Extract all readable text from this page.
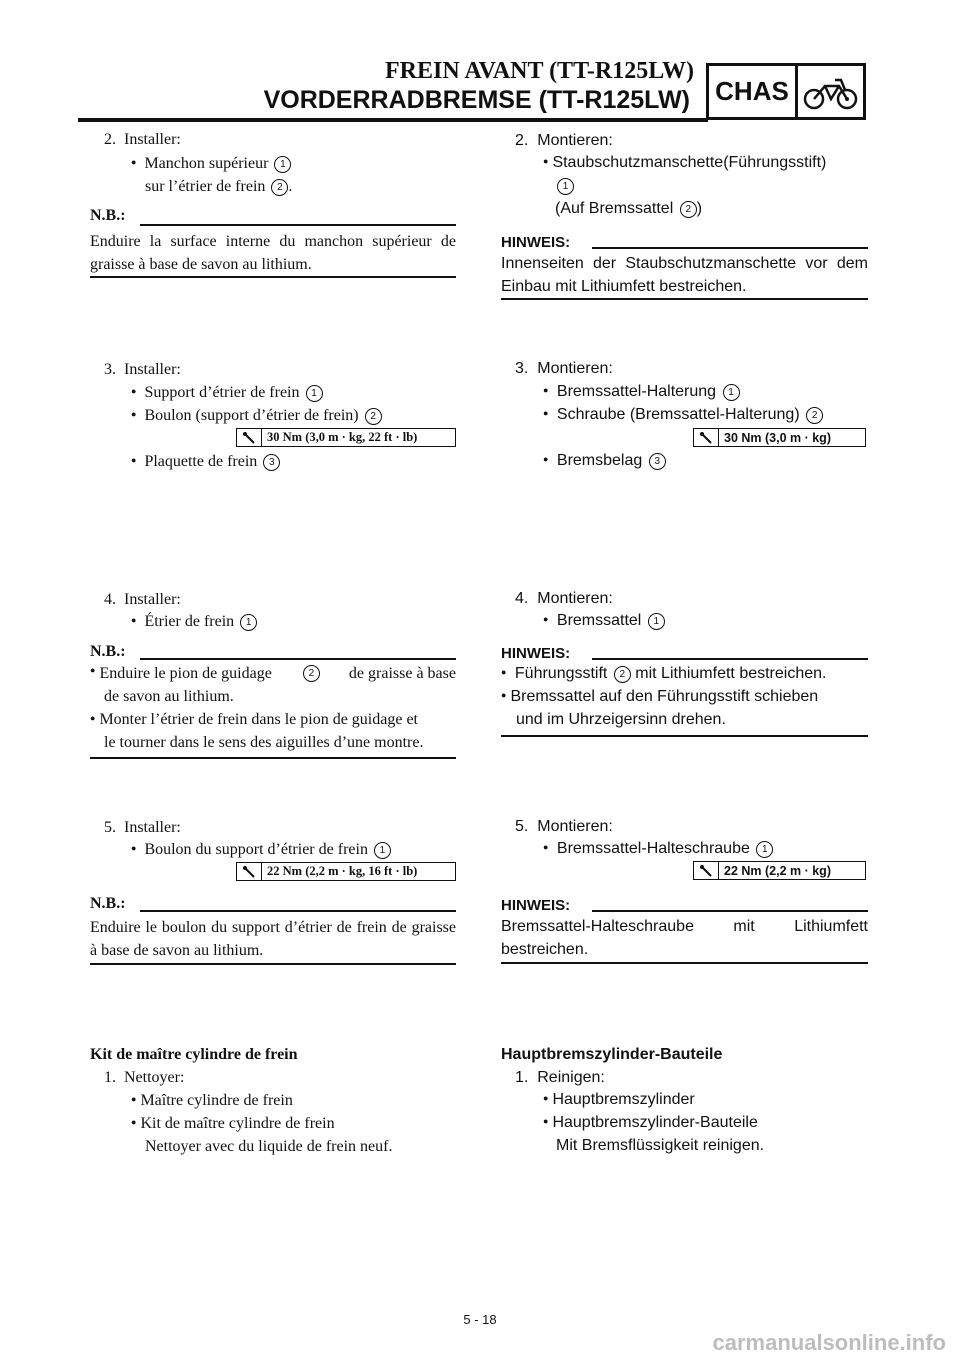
FREIN AVANT (TT-R125LW)
VORDERRADBREMSE (TT-R125LW) CHAS
2. Installer:
● Manchon supérieur 1
sur l’étrier de frein 2 .
N.B.:
Enduire la surface interne du manchon supérieur de graisse à base de savon au lithium.
3. Installer:
● Support d’étrier de frein 1
● Boulon (support d’étrier de frein) 2
30 Nm (3,0 m · kg, 22 ft · lb)
● Plaquette de frein 3
4. Installer:
● Étrier de frein 1
N.B.:
● Enduire le pion de guidage	2	de graisse à base
de savon au lithium.
● Monter l’étrier de frein dans le pion de guidage et
le tourner dans le sens des aiguilles d’une montre.
5. Installer:
● Boulon du support d’étrier de frein 1
22 Nm (2,2 m · kg, 16 ft · lb)
N.B.:
Enduire le boulon du support d’étrier de frein de graisse à base de savon au lithium.
Kit de maître cylindre de frein
1. Nettoyer:
● Maître cylindre de frein
● Kit de maître cylindre de frein
Nettoyer avec du liquide de frein neuf.
2. Montieren:
● Staubschutzmanschette(Führungsstift)
1
(Auf Bremssattel 2 )
HINWEIS:
Innenseiten der Staubschutzmanschette vor dem Einbau mit Lithiumfett bestreichen.
3. Montieren:
● Bremssattel-Halterung 1
● Schraube (Bremssattel-Halterung) 2
30 Nm (3,0 m · kg)
● Bremsbelag 3
4. Montieren:
● Bremssattel 1
HINWEIS:
● Führungsstift 2 mit Lithiumfett bestreichen.
● Bremssattel auf den Führungsstift schieben
und im Uhrzeigersinn drehen.
5. Montieren:
● Bremssattel-Halteschraube 1
22 Nm (2,2 m · kg)
HINWEIS:
Bremssattel-Halteschraube mit Lithiumfett bestreichen.
Hauptbremszylinder-Bauteile
1. Reinigen:
● Hauptbremszylinder
● Hauptbremszylinder-Bauteile
Mit Bremsflüssigkeit reinigen.
5 - 18
carmanualsonline.info
